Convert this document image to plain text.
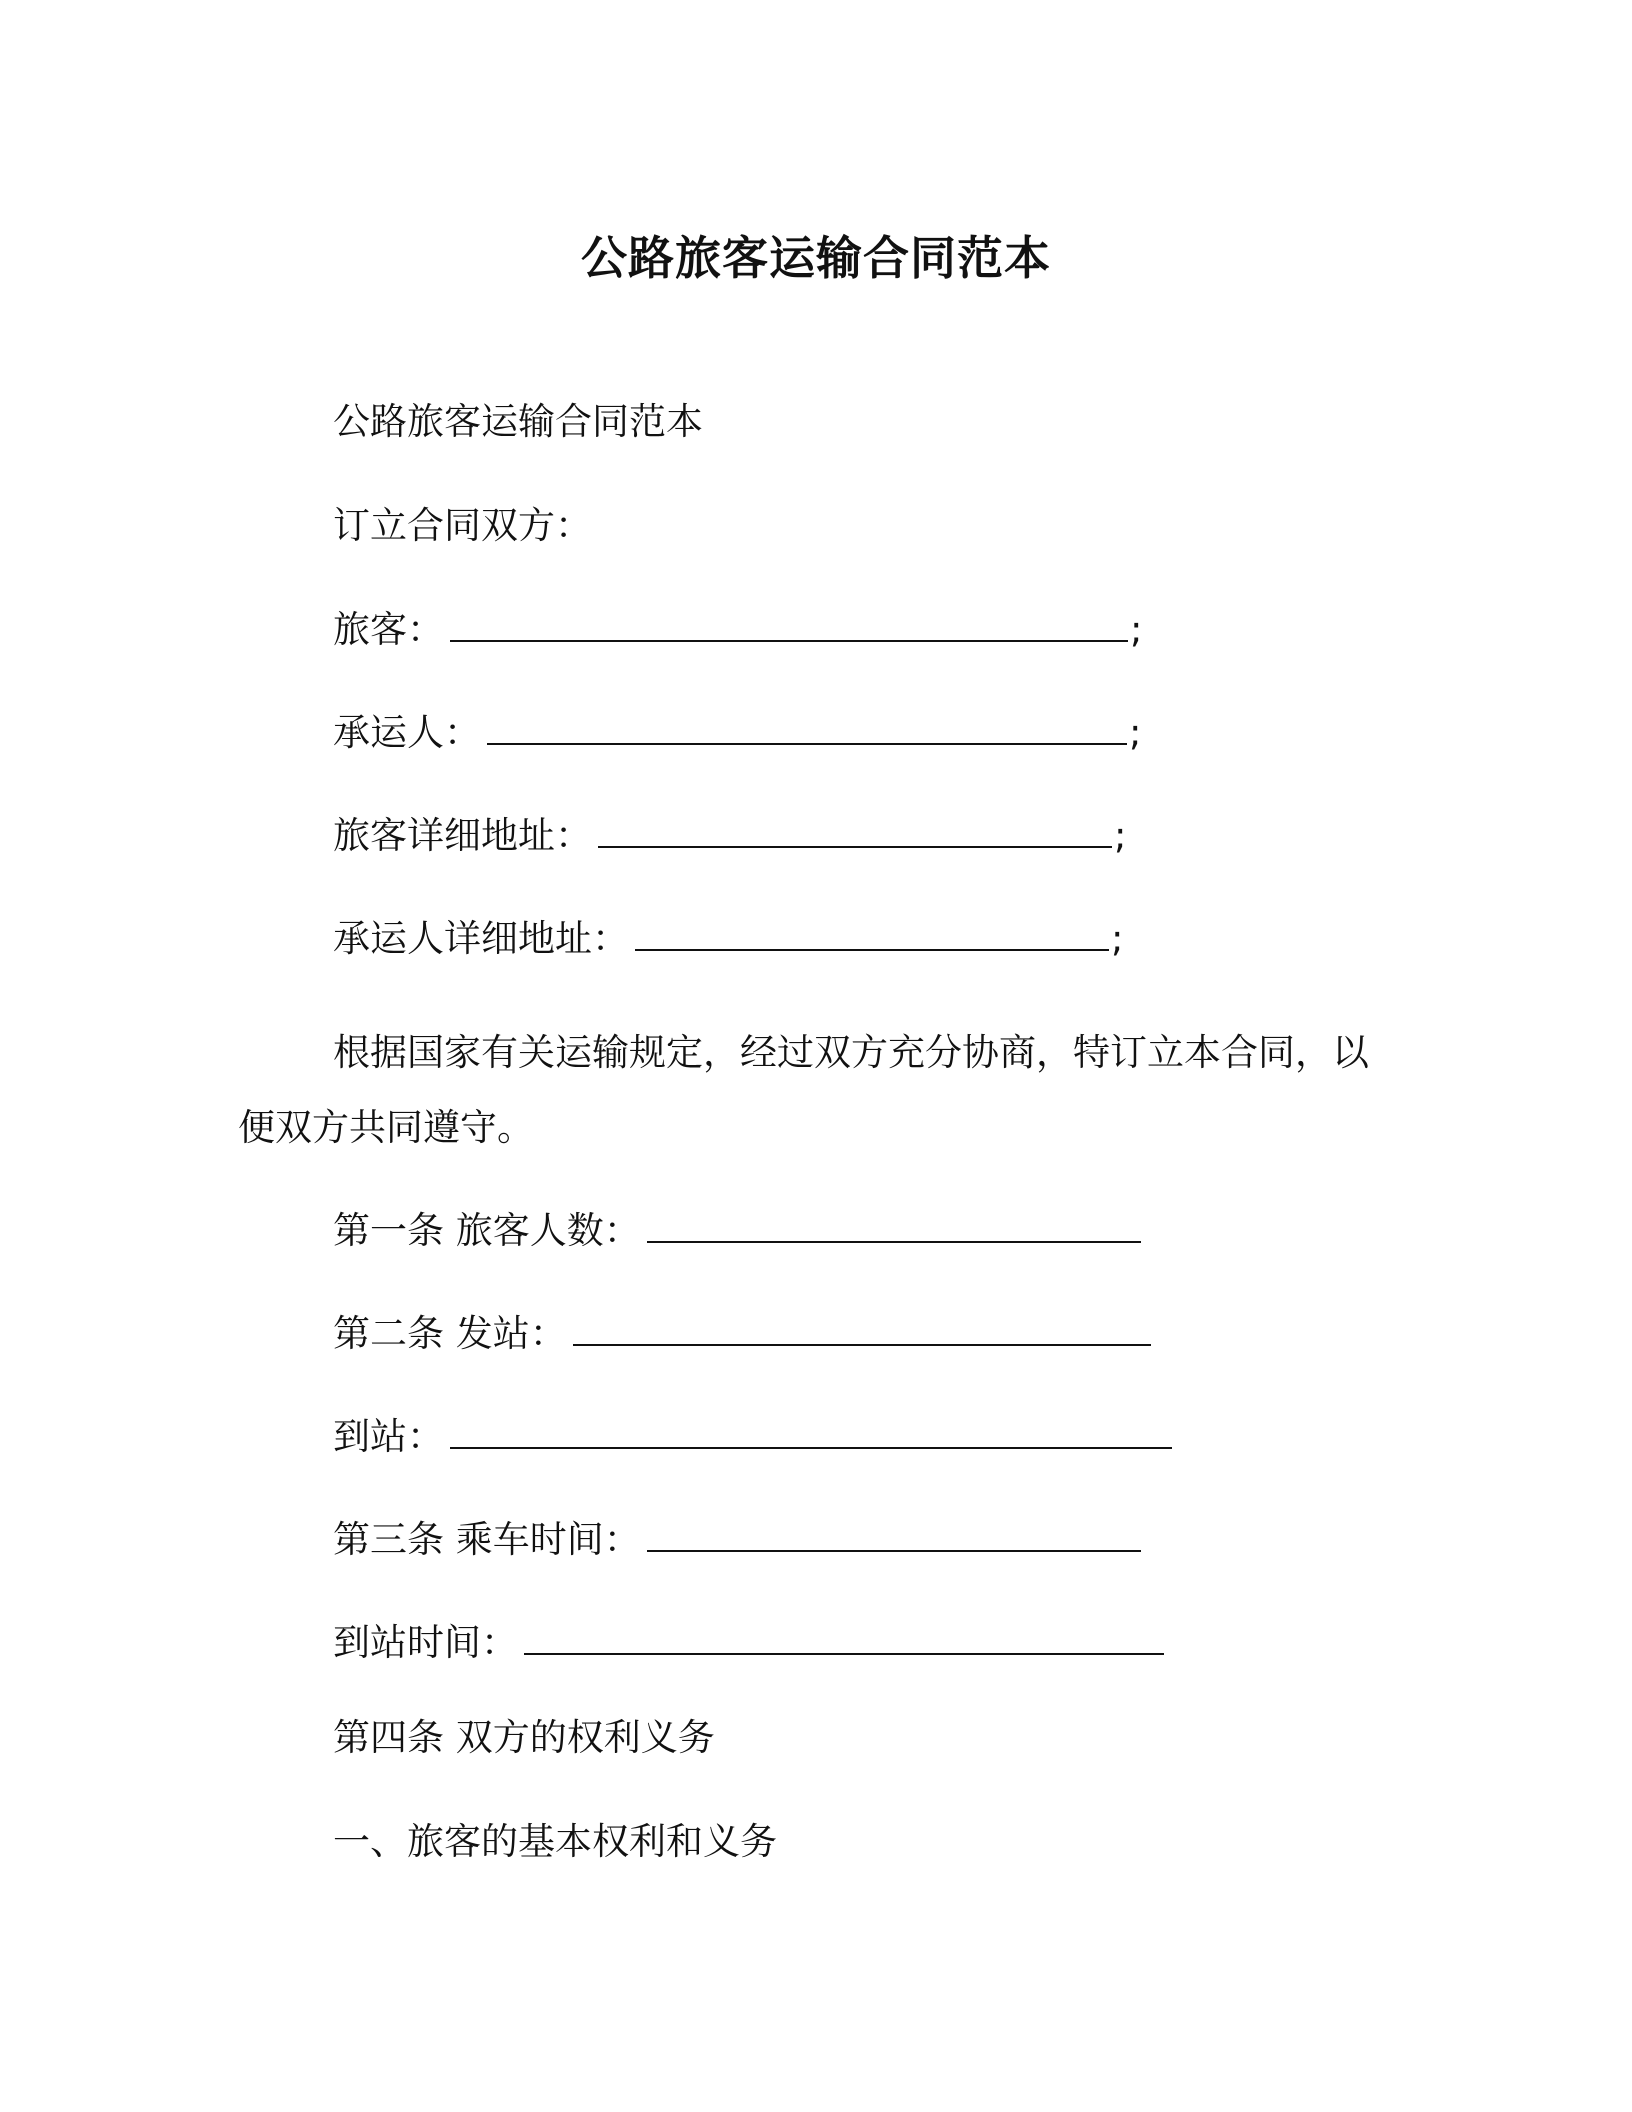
公路旅客运输合同范本
公路旅客运输合同范本
订立合同双方：
旅客：	;
承运人：	;
旅客详细地址：	;
承运人详细地址：	;
根据国家有关运输规定，经过双方充分协商，特订立本合同，以便双方共同遵守。
第一条 旅客人数：
第二条 发站：
到站：
第三条 乘车时间：
到站时间：
第四条 双方的权利义务
一、旅客的基本权利和义务
